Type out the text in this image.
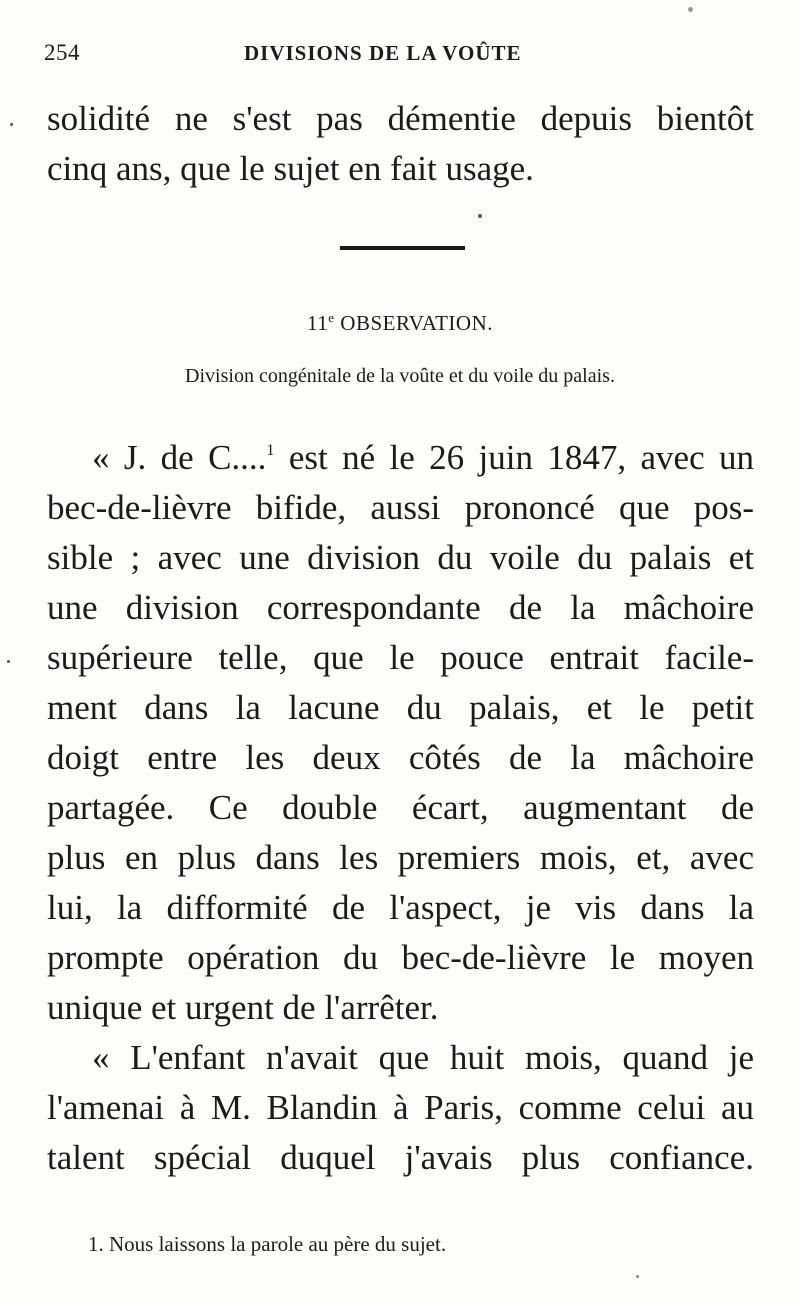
254	DIVISIONS DE LA VOÛTE
solidité ne s'est pas démentie depuis bientôt
cinq ans, que le sujet en fait usage.
11e OBSERVATION.
Division congénitale de la voûte et du voile du palais.
« J. de C....$^1$ est né le 26 juin 1847, avec un
bec-de-lièvre bifide, aussi prononcé que pos-
sible ; avec une division du voile du palais et
une division correspondante de la mâchoire
supérieure telle, que le pouce entrait facile-
ment dans la lacune du palais, et le petit
doigt entre les deux côtés de la mâchoire
partagée. Ce double écart, augmentant de
plus en plus dans les premiers mois, et, avec
lui, la difformité de l'aspect, je vis dans la
prompte opération du bec-de-lièvre le moyen
unique et urgent de l'arrêter.
« L'enfant n'avait que huit mois, quand je
l'amenai à M. Blandin à Paris, comme celui au
talent spécial duquel j'avais plus confiance.
1. Nous laissons la parole au père du sujet.
